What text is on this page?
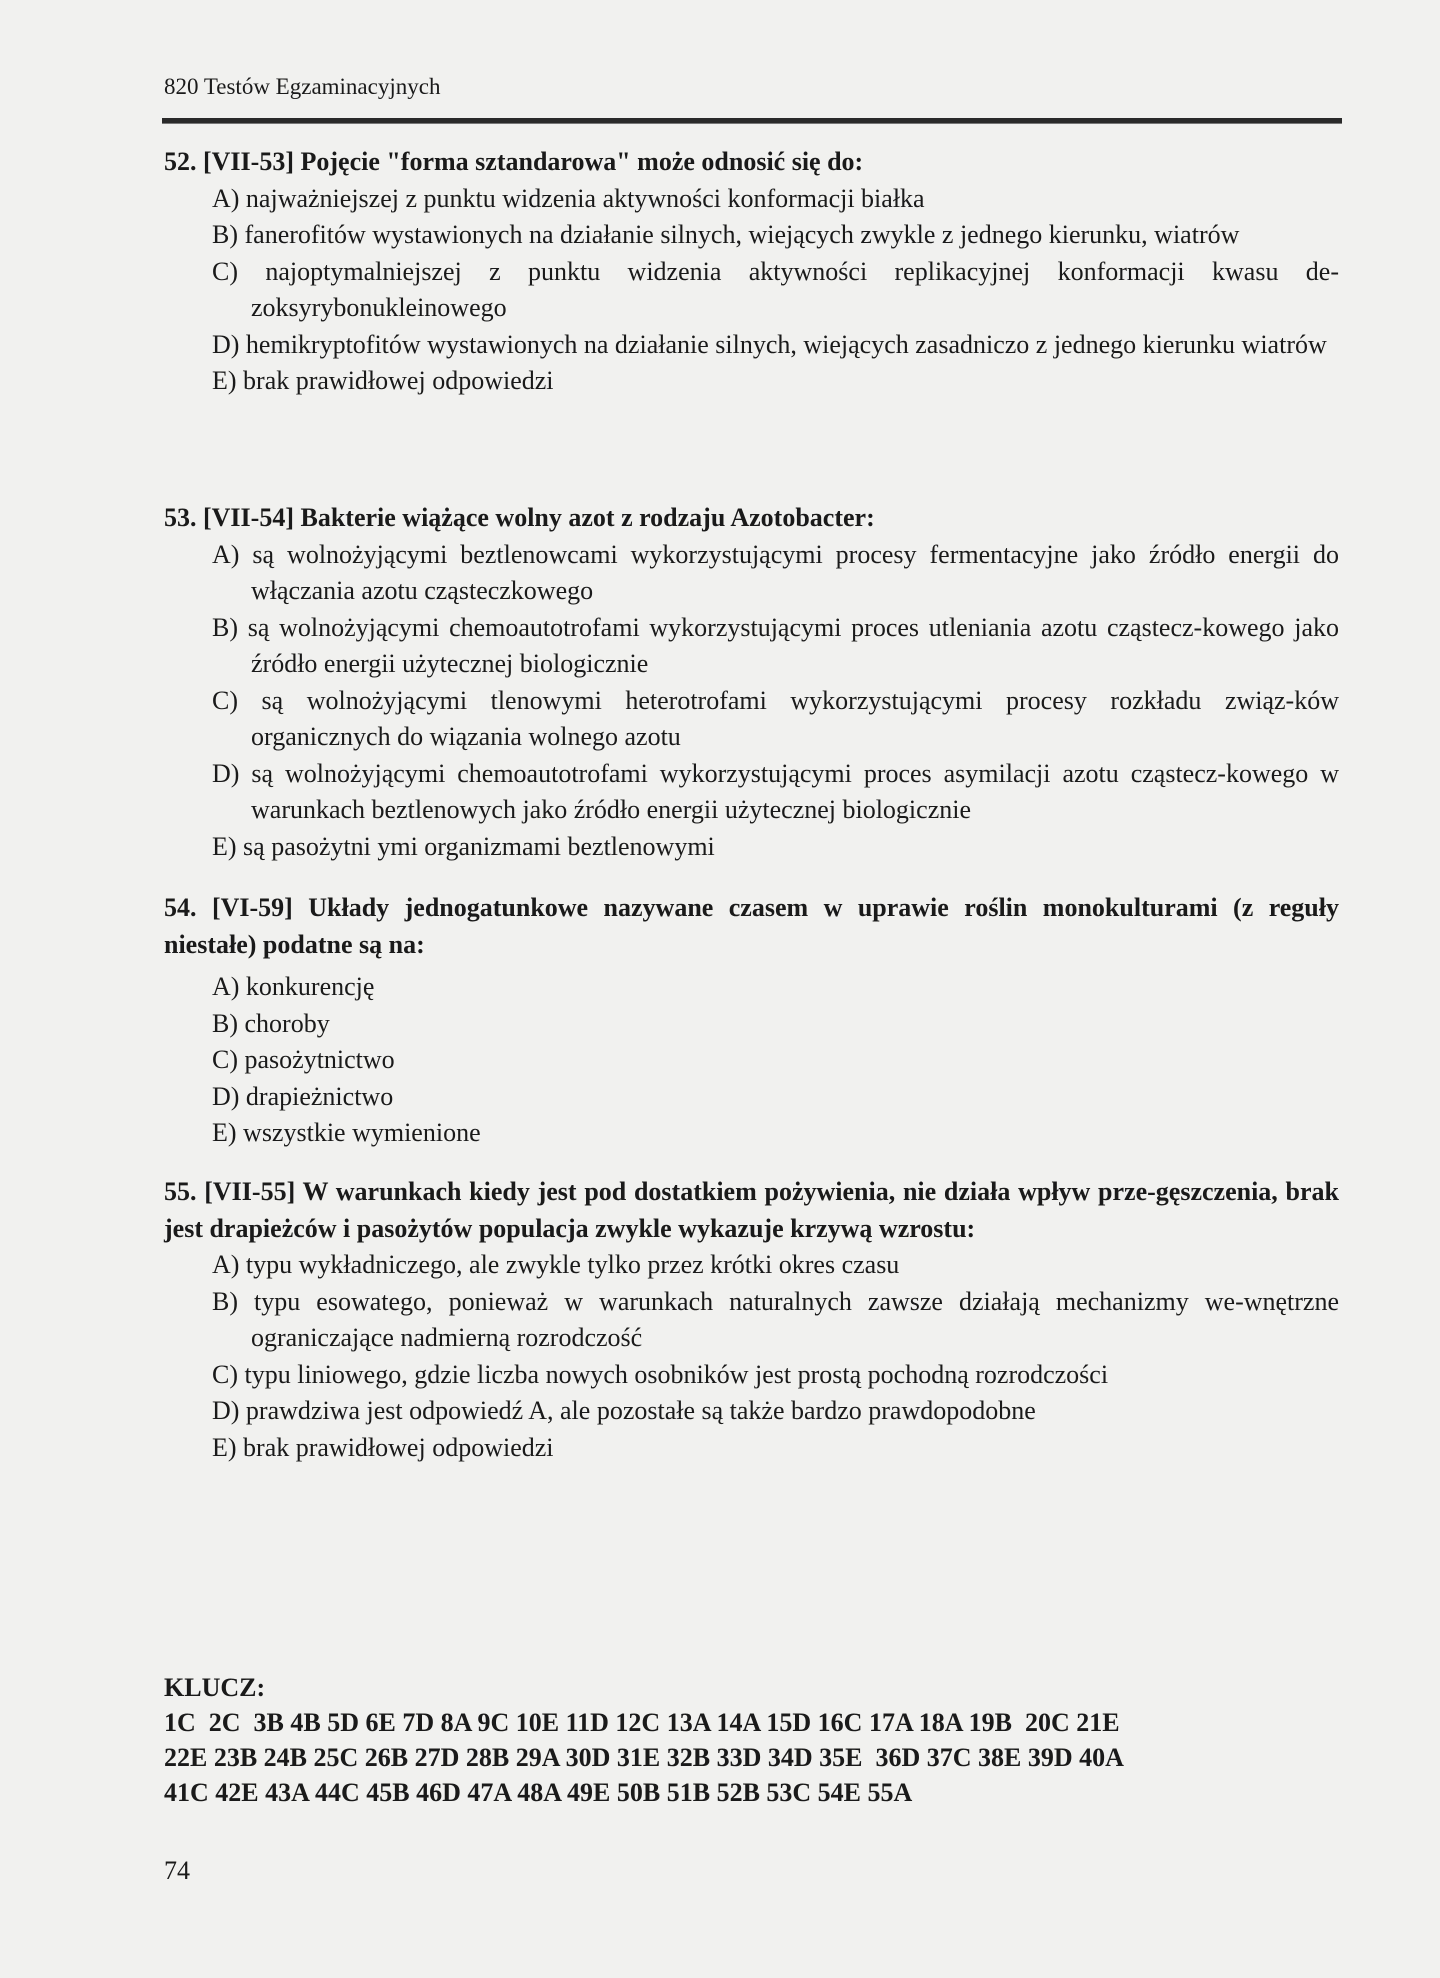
820 Testów Egzaminacyjnych
52. [VII-53] Pojęcie "forma sztandarowa" może odnosić się do:
A) najważniejszej z punktu widzenia aktywności konformacji białka
B) fanerofitów wystawionych na działanie silnych, wiejących zwykle z jednego kierunku, wiatrów
C) najoptymalniejszej z punktu widzenia aktywności replikacyjnej konformacji kwasu de-zoksyrybonukleinowego
D) hemikryptofitów wystawionych na działanie silnych, wiejących zasadniczo z jednego kierunku wiatrów
E) brak prawidłowej odpowiedzi
53. [VII-54] Bakterie wiążące wolny azot z rodzaju Azotobacter:
A) są wolnożyjącymi beztlenowcami wykorzystującymi procesy fermentacyjne jako źródło energii do włączania azotu cząsteczkowego
B) są wolnożyjącymi chemoautotrofami wykorzystującymi proces utleniania azotu cząstecz-kowego jako źródło energii użytecznej biologicznie
C) są wolnożyjącymi tlenowymi heterotrofami wykorzystującymi procesy rozkładu związ-ków organicznych do wiązania wolnego azotu
D) są wolnożyjącymi chemoautotrofami wykorzystującymi proces asymilacji azotu cząstecz-kowego w warunkach beztlenowych jako źródło energii użytecznej biologicznie
E) są pasożytni ymi organizmami beztlenowymi
54. [VI-59] Układy jednogatunkowe nazywane czasem w uprawie roślin monokulturami (z reguły niestałe) podatne są na:
A) konkurencję
B) choroby
C) pasożytnictwo
D) drapieżnictwo
E) wszystkie wymienione
55. [VII-55] W warunkach kiedy jest pod dostatkiem pożywienia, nie działa wpływ prze-gęszczenia, brak jest drapieżców i pasożytów populacja zwykle wykazuje krzywą wzrostu:
A) typu wykładniczego, ale zwykle tylko przez krótki okres czasu
B) typu esowatego, ponieważ w warunkach naturalnych zawsze działają mechanizmy we-wnętrzne ograniczające nadmierną rozrodczość
C) typu liniowego, gdzie liczba nowych osobników jest prostą pochodną rozrodczości
D) prawdziwa jest odpowiedź A, ale pozostałe są także bardzo prawdopodobne
E) brak prawidłowej odpowiedzi
KLUCZ:
1C  2C  3B 4B 5D 6E 7D 8A 9C 10E 11D 12C 13A 14A 15D 16C 17A 18A 19B  20C 21E
22E 23B 24B 25C 26B 27D 28B 29A 30D 31E 32B 33D 34D 35E  36D 37C 38E 39D 40A
41C 42E 43A 44C 45B 46D 47A 48A 49E 50B 51B 52B 53C 54E 55A
74
